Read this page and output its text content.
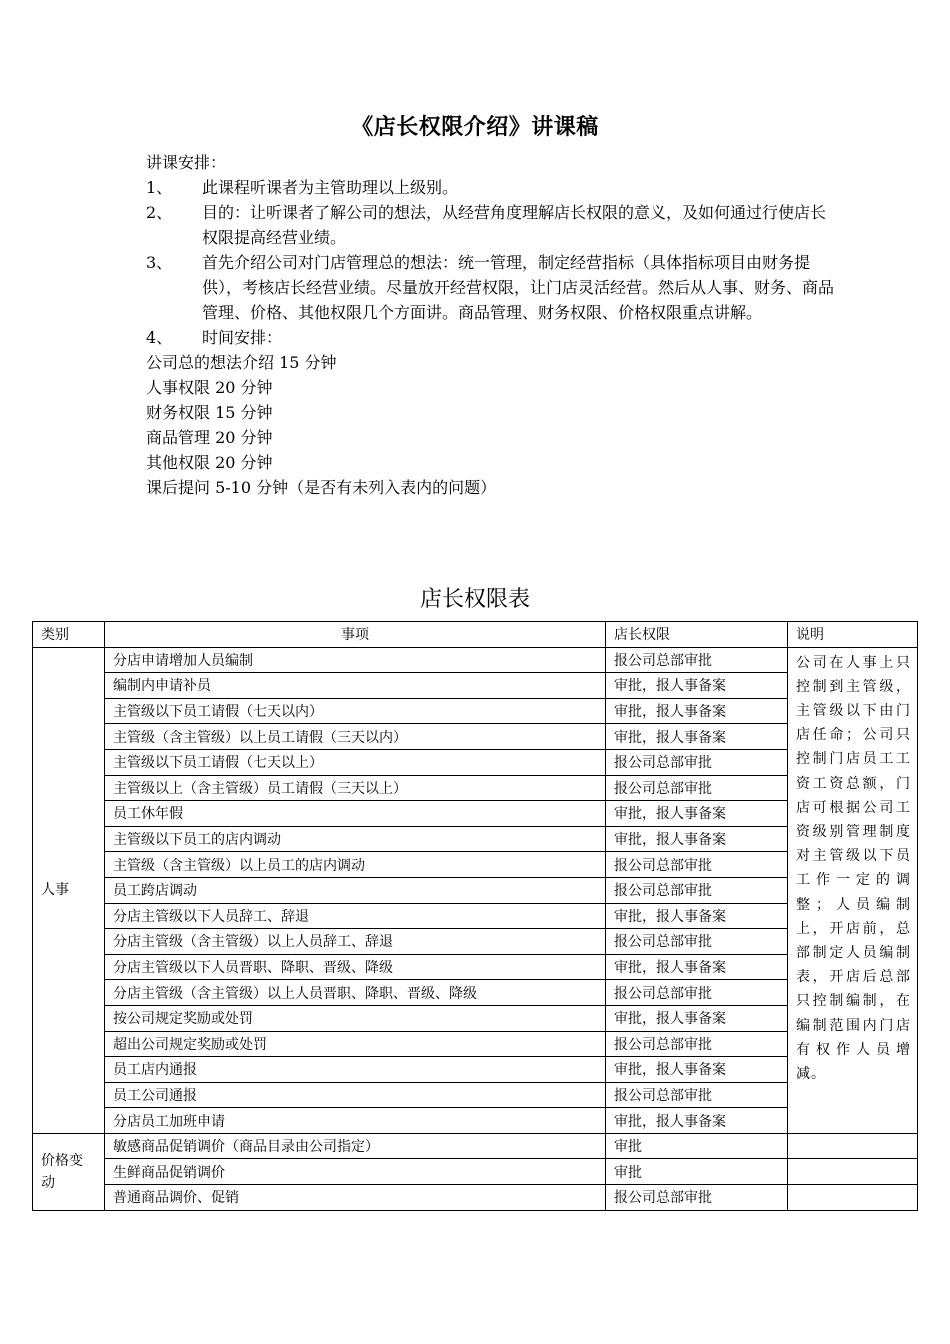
《店长权限介绍》讲课稿
讲课安排：
1、	此课程听课者为主管助理以上级别。
2、	目的：让听课者了解公司的想法，从经营角度理解店长权限的意义，及如何通过行使店长权限提高经营业绩。
3、	首先介绍公司对门店管理总的想法：统一管理，制定经营指标（具体指标项目由财务提供），考核店长经营业绩。尽量放开经营权限，让门店灵活经营。然后从人事、财务、商品管理、价格、其他权限几个方面讲。商品管理、财务权限、价格权限重点讲解。
4、	时间安排：
公司总的想法介绍 15 分钟
人事权限 20 分钟
财务权限 15 分钟
商品管理 20 分钟
其他权限 20 分钟
课后提问 5-10 分钟（是否有未列入表内的问题）
店长权限表
类别	事项	店长权限	说明
人事	分店申请增加人员编制	报公司总部审批	公司在人事上只控制到主管级，主管级以下由门店任命；公司只控制门店员工工资工资总额，门店可根据公司工资级别管理制度对主管级以下员工作一定的调整；人员编制上，开店前，总部制定人员编制表，开店后总部只控制编制，在编制范围内门店有权作人员增减。
	编制内申请补员	审批，报人事备案	
	主管级以下员工请假（七天以内）	审批，报人事备案	
	主管级（含主管级）以上员工请假（三天以内）	审批，报人事备案	
	主管级以下员工请假（七天以上）	报公司总部审批	
	主管级以上（含主管级）员工请假（三天以上）	报公司总部审批	
	员工休年假	审批，报人事备案	
	主管级以下员工的店内调动	审批，报人事备案	
	主管级（含主管级）以上员工的店内调动	报公司总部审批	
	员工跨店调动	报公司总部审批	
	分店主管级以下人员辞工、辞退	审批，报人事备案	
	分店主管级（含主管级）以上人员辞工、辞退	报公司总部审批	
	分店主管级以下人员晋职、降职、晋级、降级	审批，报人事备案	
	分店主管级（含主管级）以上人员晋职、降职、晋级、降级	报公司总部审批	
	按公司规定奖励或处罚	审批，报人事备案	
	超出公司规定奖励或处罚	报公司总部审批	
	员工店内通报	审批，报人事备案	
	员工公司通报	报公司总部审批	
	分店员工加班申请	审批，报人事备案	
价格变动	敏感商品促销调价（商品目录由公司指定）	审批	
	生鲜商品促销调价	审批	
	普通商品调价、促销	报公司总部审批	
